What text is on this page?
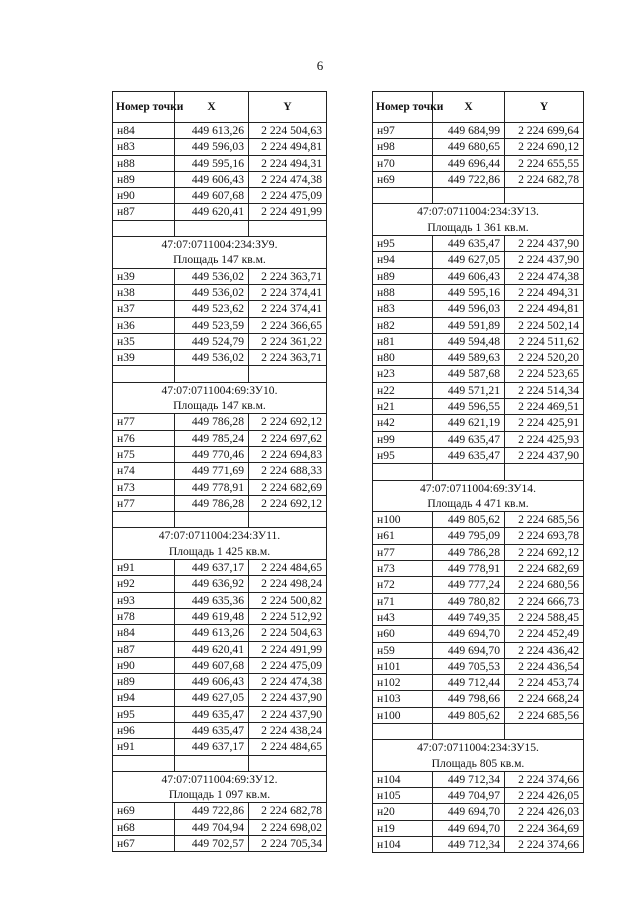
6
Номер точки	X	Y
н84	449 613,26	2 224 504,63
н83	449 596,03	2 224 494,81
н88	449 595,16	2 224 494,31
н89	449 606,43	2 224 474,38
н90	449 607,68	2 224 475,09
н87	449 620,41	2 224 491,99

47:07:0711004:234:ЗУ9.
Площадь 147 кв.м.		

н39	449 536,02	2 224 363,71
н38	449 536,02	2 224 374,41
н37	449 523,62	2 224 374,41
н36	449 523,59	2 224 366,65
н35	449 524,79	2 224 361,22
н39	449 536,02	2 224 363,71

47:07:0711004:69:ЗУ10.
Площадь 147 кв.м.		

н77	449 786,28	2 224 692,12
н76	449 785,24	2 224 697,62
н75	449 770,46	2 224 694,83
н74	449 771,69	2 224 688,33
н73	449 778,91	2 224 682,69
н77	449 786,28	2 224 692,12

47:07:0711004:234:ЗУ11.
Площадь 1 425 кв.м.		

н91	449 637,17	2 224 484,65
н92	449 636,92	2 224 498,24
н93	449 635,36	2 224 500,82
н78	449 619,48	2 224 512,92
н84	449 613,26	2 224 504,63
н87	449 620,41	2 224 491,99
н90	449 607,68	2 224 475,09
н89	449 606,43	2 224 474,38
н94	449 627,05	2 224 437,90
н95	449 635,47	2 224 437,90
н96	449 635,47	2 224 438,24
н91	449 637,17	2 224 484,65

47:07:0711004:69:ЗУ12.
Площадь 1 097 кв.м.		

н69	449 722,86	2 224 682,78
н68	449 704,94	2 224 698,02
н67	449 702,57	2 224 705,34
Номер точки	X	Y
н97	449 684,99	2 224 699,64
н98	449 680,65	2 224 690,12
н70	449 696,44	2 224 655,55
н69	449 722,86	2 224 682,78

47:07:0711004:234:ЗУ13.
Площадь 1 361 кв.м.		

н95	449 635,47	2 224 437,90
н94	449 627,05	2 224 437,90
н89	449 606,43	2 224 474,38
н88	449 595,16	2 224 494,31
н83	449 596,03	2 224 494,81
н82	449 591,89	2 224 502,14
н81	449 594,48	2 224 511,62
н80	449 589,63	2 224 520,20
н23	449 587,68	2 224 523,65
н22	449 571,21	2 224 514,34
н21	449 596,55	2 224 469,51
н42	449 621,19	2 224 425,91
н99	449 635,47	2 224 425,93
н95	449 635,47	2 224 437,90

47:07:0711004:69:ЗУ14.
Площадь 4 471 кв.м.		

н100	449 805,62	2 224 685,56
н61	449 795,09	2 224 693,78
н77	449 786,28	2 224 692,12
н73	449 778,91	2 224 682,69
н72	449 777,24	2 224 680,56
н71	449 780,82	2 224 666,73
н43	449 749,35	2 224 588,45
н60	449 694,70	2 224 452,49
н59	449 694,70	2 224 436,42
н101	449 705,53	2 224 436,54
н102	449 712,44	2 224 453,74
н103	449 798,66	2 224 668,24
н100	449 805,62	2 224 685,56

47:07:0711004:234:ЗУ15.
Площадь 805 кв.м.		

н104	449 712,34	2 224 374,66
н105	449 704,97	2 224 426,05
н20	449 694,70	2 224 426,03
н19	449 694,70	2 224 364,69
н104	449 712,34	2 224 374,66
